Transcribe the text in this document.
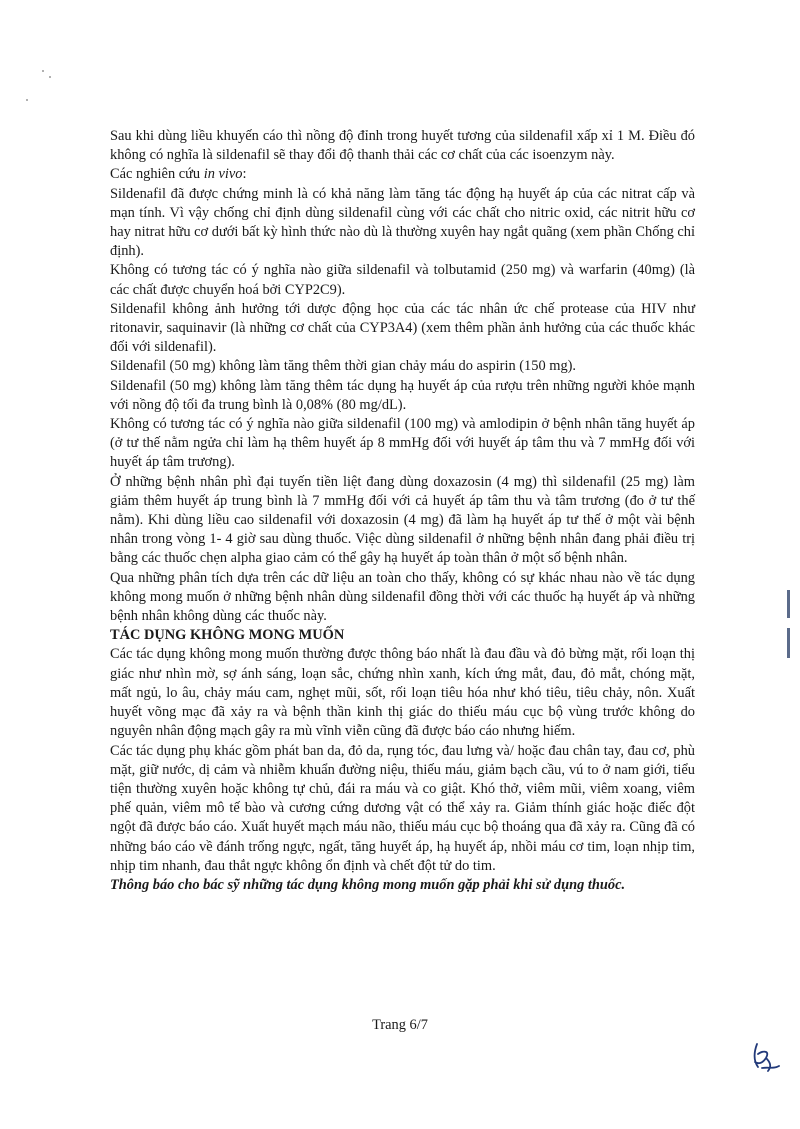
Sau khi dùng liều khuyến cáo thì nồng độ đỉnh trong huyết tương của sildenafil xấp xỉ 1 M. Điều đó không có nghĩa là sildenafil sẽ thay đổi độ thanh thải các cơ chất của các isoenzym này.

Các nghiên cứu in vivo:

Sildenafil đã được chứng minh là có khả năng làm tăng tác động hạ huyết áp của các nitrat cấp và mạn tính. Vì vậy chống chỉ định dùng sildenafil cùng với các chất cho nitric oxid, các nitrit hữu cơ hay nitrat hữu cơ dưới bất kỳ hình thức nào dù là thường xuyên hay ngắt quãng (xem phần Chống chỉ định).

Không có tương tác có ý nghĩa nào giữa sildenafil và tolbutamid (250 mg) và warfarin (40mg) (là các chất được chuyển hoá bởi CYP2C9).

Sildenafil không ảnh hưởng tới dược động học của các tác nhân ức chế protease của HIV như ritonavir, saquinavir (là những cơ chất của CYP3A4) (xem thêm phần ảnh hưởng của các thuốc khác đối với sildenafil).

Sildenafil (50 mg) không làm tăng thêm thời gian chảy máu do aspirin (150 mg).

Sildenafil (50 mg) không làm tăng thêm tác dụng hạ huyết áp của rượu trên những người khỏe mạnh với nồng độ tối đa trung bình là 0,08% (80 mg/dL).

Không có tương tác có ý nghĩa nào giữa sildenafil (100 mg) và amlodipin ở bệnh nhân tăng huyết áp (ở tư thế nằm ngửa chỉ làm hạ thêm huyết áp 8 mmHg đối với huyết áp tâm thu và 7 mmHg đối với huyết áp tâm trương).

Ở những bệnh nhân phì đại tuyến tiền liệt đang dùng doxazosin (4 mg) thì sildenafil (25 mg) làm giảm thêm huyết áp trung bình là 7 mmHg đối với cả huyết áp tâm thu và tâm trương (đo ở tư thế nằm). Khi dùng liều cao sildenafil với doxazosin (4 mg) đã làm hạ huyết áp tư thế ở một vài bệnh nhân trong vòng 1- 4 giờ sau dùng thuốc. Việc dùng sildenafil ở những bệnh nhân đang phải điều trị bằng các thuốc chẹn alpha giao cảm có thể gây hạ huyết áp toàn thân ở một số bệnh nhân.

Qua những phân tích dựa trên các dữ liệu an toàn cho thấy, không có sự khác nhau nào về tác dụng không mong muốn ở những bệnh nhân dùng sildenafil đồng thời với các thuốc hạ huyết áp và những bệnh nhân không dùng các thuốc này.

TÁC DỤNG KHÔNG MONG MUỐN

Các tác dụng không mong muốn thường được thông báo nhất là đau đầu và đỏ bừng mặt, rối loạn thị giác như nhìn mờ, sợ ánh sáng, loạn sắc, chứng nhìn xanh, kích ứng mắt, đau, đỏ mắt, chóng mặt, mất ngủ, lo âu, chảy máu cam, nghẹt mũi, sốt, rối loạn tiêu hóa như khó tiêu, tiêu chảy, nôn. Xuất huyết võng mạc đã xảy ra và bệnh thần kinh thị giác do thiếu máu cục bộ vùng trước không do nguyên nhân động mạch gây ra mù vĩnh viễn cũng đã được báo cáo nhưng hiếm.

Các tác dụng phụ khác gồm phát ban da, đỏ da, rụng tóc, đau lưng và/ hoặc đau chân tay, đau cơ, phù mặt, giữ nước, dị cảm và nhiễm khuẩn đường niệu, thiếu máu, giảm bạch cầu, vú to ở nam giới, tiểu tiện thường xuyên hoặc không tự chủ, đái ra máu và co giật. Khó thở, viêm mũi, viêm xoang, viêm phế quản, viêm mô tế bào và cương cứng dương vật có thể xảy ra. Giảm thính giác hoặc điếc đột ngột đã được báo cáo. Xuất huyết mạch máu não, thiếu máu cục bộ thoáng qua đã xảy ra. Cũng đã có những báo cáo về đánh trống ngực, ngất, tăng huyết áp, hạ huyết áp, nhồi máu cơ tim, loạn nhịp tim, nhịp tim nhanh, đau thắt ngực không ổn định và chết đột tử do tim.

Thông báo cho bác sỹ những tác dụng không mong muốn gặp phải khi sử dụng thuốc.

Trang 6/7
